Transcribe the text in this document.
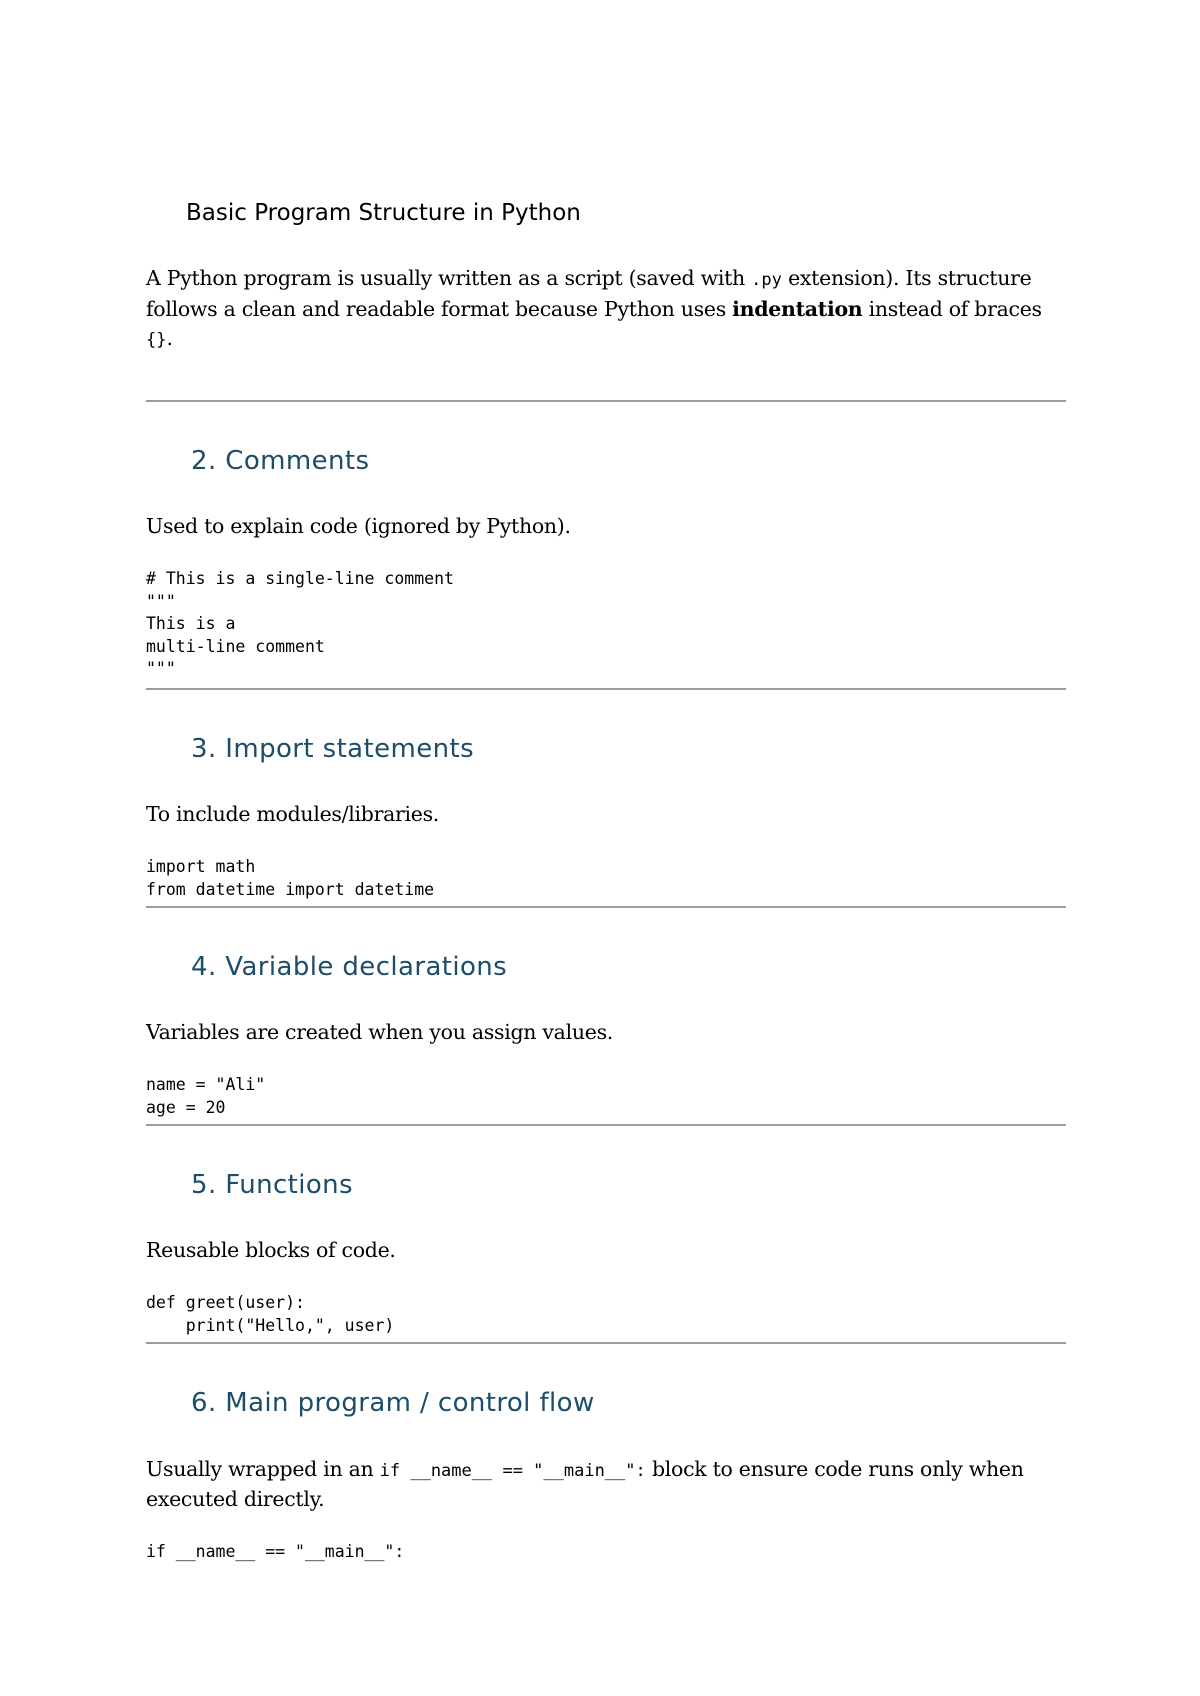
Basic Program Structure in Python

A Python program is usually written as a script (saved with .py extension). Its structure follows a clean and readable format because Python uses indentation instead of braces {}.

2. Comments

Used to explain code (ignored by Python).

# This is a single-line comment
"""
This is a
multi-line comment
"""
3. Import statements

To include modules/libraries.

import math
from datetime import datetime
4. Variable declarations

Variables are created when you assign values.

name = "Ali"
age = 20
5. Functions

Reusable blocks of code.

def greet(user):
print("Hello,", user)
6. Main program / control flow

Usually wrapped in an if __name__ == "__main__": block to ensure code runs only when executed directly.

if __name__ == "__main__":
